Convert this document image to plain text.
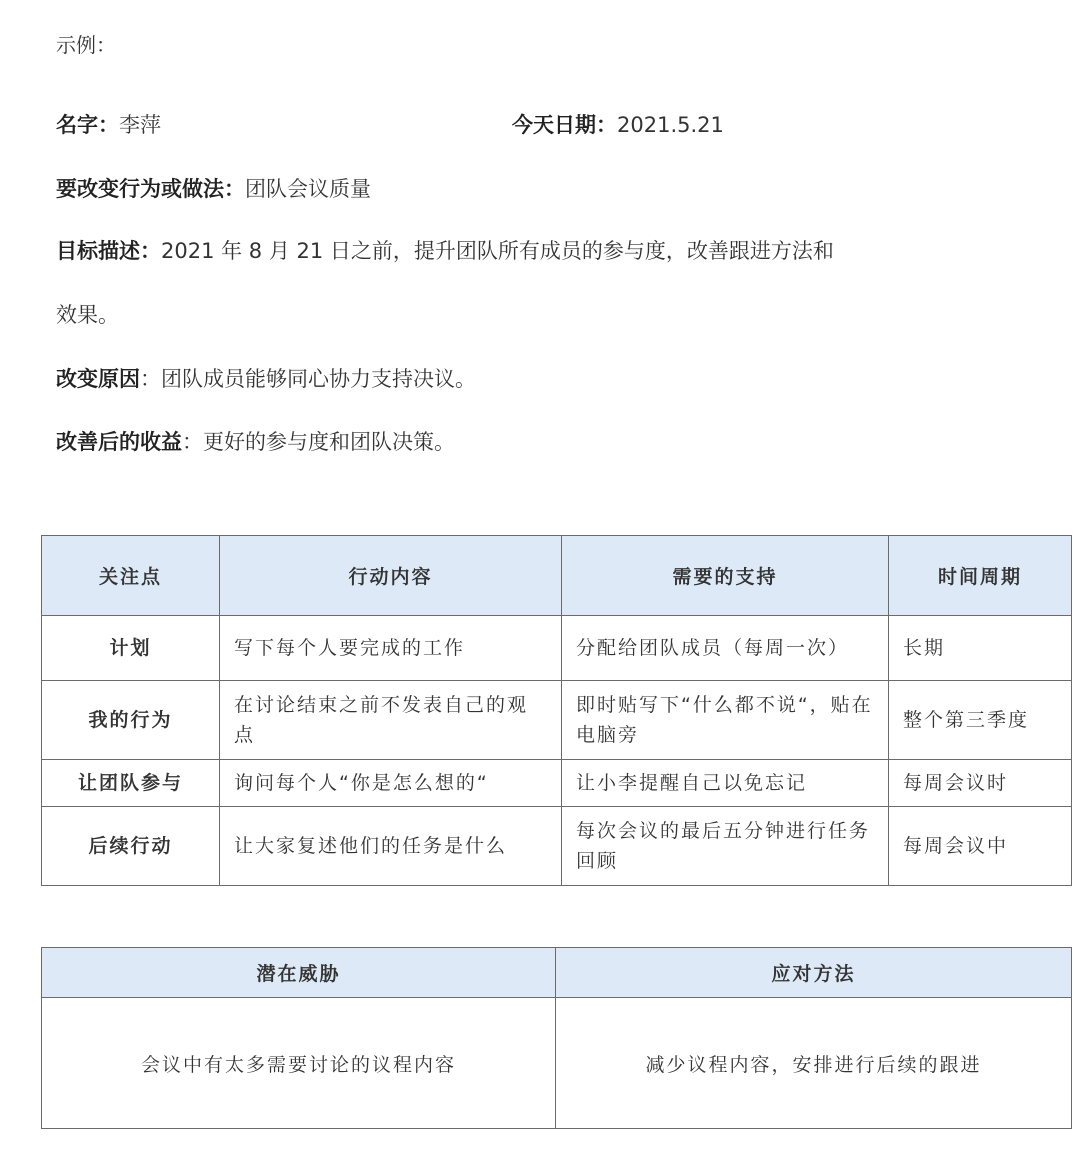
示例：
名字：李萍	今天日期：2021.5.21
要改变行为或做法：团队会议质量
目标描述：2021 年 8 月 21 日之前，提升团队所有成员的参与度，改善跟进方法和
效果。
改变原因：团队成员能够同心协力支持决议。
改善后的收益：更好的参与度和团队决策。
关注点	行动内容	需要的支持	时间周期
计划	写下每个人要完成的工作	分配给团队成员（每周一次）	长期
我的行为	在讨论结束之前不发表自己的观点	即时贴写下“什么都不说“，贴在电脑旁	整个第三季度
让团队参与	询问每个人“你是怎么想的“	让小李提醒自己以免忘记	每周会议时
后续行动	让大家复述他们的任务是什么	每次会议的最后五分钟进行任务回顾	每周会议中
潜在威胁	应对方法
会议中有太多需要讨论的议程内容	减少议程内容，安排进行后续的跟进
